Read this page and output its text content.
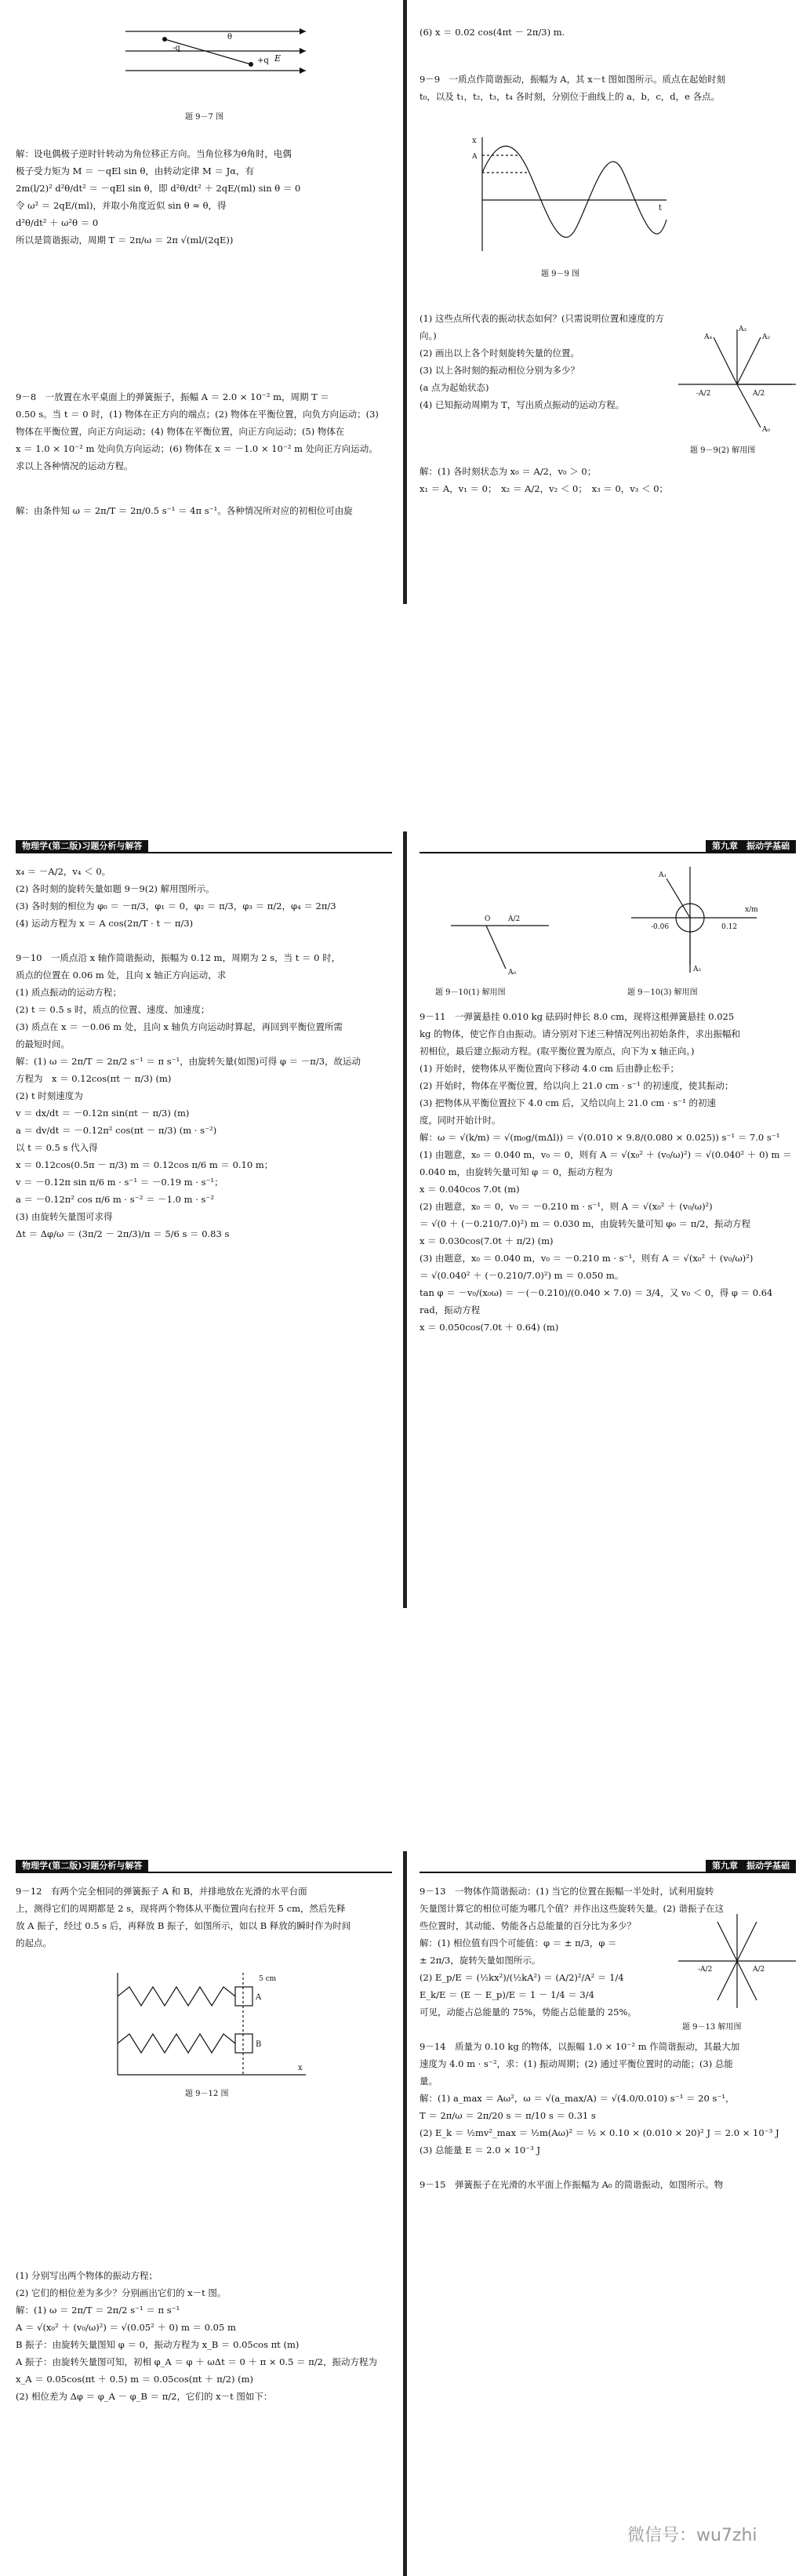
E
θ
-q
+q
题 9－7 图
解：设电偶极子逆时针转动为角位移正方向。当角位移为θ角时，电偶
极子受力矩为 M ＝ －qEl sin θ，由转动定律 M ＝ Jα，有
2m(l/2)² d²θ/dt² ＝ －qEl sin θ，即 d²θ/dt² ＋ 2qE/(ml) sin θ ＝ 0
令 ω² ＝ 2qE/(ml)，并取小角度近似 sin θ ≈ θ，得
d²θ/dt² ＋ ω²θ ＝ 0
所以是简谐振动，周期 T ＝ 2π/ω ＝ 2π √(ml/(2qE))
9－8　一放置在水平桌面上的弹簧振子，振幅 A ＝ 2.0 × 10⁻² m，周期 T ＝
0.50 s。当 t ＝ 0 时，(1) 物体在正方向的端点；(2) 物体在平衡位置，向负方向运动；(3)
物体在平衡位置，向正方向运动；(4) 物体在平衡位置，向正方向运动；(5) 物体在
x ＝ 1.0 × 10⁻² m 处向负方向运动；(6) 物体在 x ＝ －1.0 × 10⁻² m 处向正方向运动。
求以上各种情况的运动方程。
解：由条件知 ω ＝ 2π/T ＝ 2π/0.5 s⁻¹ ＝ 4π s⁻¹。各种情况所对应的初相位可由旋
(6) x ＝ 0.02 cos(4πt － 2π/3) m.
9－9　一质点作简谐振动，振幅为 A，其 x－t 图如图所示。质点在起始时刻
t₀，以及 t₁，t₂，t₃，t₄ 各时刻，分别位于曲线上的 a，b，c，d，e 各点。
x
t
A
题 9－9 图
(1) 这些点所代表的振动状态如何？(只需说明位置和速度的方向。)
(2) 画出以上各个时刻旋转矢量的位置。
(3) 以上各时刻的振动相位分别为多少？
(a 点为起始状态)
(4) 已知振动周期为 T，写出质点振动的运动方程。
A₃
A₂
A₄
A₀
-A/2	A/2
题 9－9(2) 解用图
解：(1) 各时刻状态为 x₀ ＝ A/2，v₀ ＞ 0；
x₁ ＝ A，v₁ ＝ 0；　x₂ ＝ A/2，v₂ ＜ 0；　x₃ ＝ 0，v₃ ＜ 0；
物理学(第二版)习题分析与解答	第九章　振动学基础
x₄ ＝ －A/2，v₄ ＜ 0。
(2) 各时刻的旋转矢量如题 9－9(2) 解用图所示。
(3) 各时刻的相位为 φ₀ ＝ －π/3，φ₁ ＝ 0，φ₂ ＝ π/3，φ₃ ＝ π/2，φ₄ ＝ 2π/3
(4) 运动方程为 x ＝ A cos(2π/T · t － π/3)

9－10　一质点沿 x 轴作简谐振动，振幅为 0.12 m，周期为 2 s，当 t ＝ 0 时，
质点的位置在 0.06 m 处，且向 x 轴正方向运动，求
(1) 质点振动的运动方程；
(2) t ＝ 0.5 s 时，质点的位置、速度、加速度；
(3) 质点在 x ＝ －0.06 m 处，且向 x 轴负方向运动时算起，再回到平衡位置所需
的最短时间。
解：(1) ω ＝ 2π/T ＝ 2π/2 s⁻¹ ＝ π s⁻¹，由旋转矢量(如图)可得 φ ＝ －π/3，故运动
方程为　x ＝ 0.12cos(πt － π/3) (m)
(2) t 时刻速度为
v ＝ dx/dt ＝ －0.12π sin(πt － π/3) (m)
a ＝ dv/dt ＝ －0.12π² cos(πt － π/3) (m · s⁻²)
以 t ＝ 0.5 s 代入得
x ＝ 0.12cos(0.5π － π/3) m ＝ 0.12cos π/6 m ＝ 0.10 m；
v ＝ －0.12π sin π/6 m · s⁻¹ ＝ －0.19 m · s⁻¹；
a ＝ －0.12π² cos π/6 m · s⁻² ＝ －1.0 m · s⁻²
(3) 由旋转矢量图可求得
Δt ＝ Δφ/ω ＝ (3π/2 － 2π/3)/π ＝ 5/6 s ＝ 0.83 s
O	A/2
A₀
题 9－10(1) 解用图
A₁
A₂
-0.06	0.12
x/m
题 9－10(3) 解用图
9－11　一弹簧悬挂 0.010 kg 砝码时伸长 8.0 cm，现将这根弹簧悬挂 0.025
kg 的物体，使它作自由振动。请分别对下述三种情况列出初始条件，求出振幅和
初相位，最后建立振动方程。(取平衡位置为原点，向下为 x 轴正向。)
(1) 开始时，使物体从平衡位置向下移动 4.0 cm 后由静止松手；
(2) 开始时，物体在平衡位置，给以向上 21.0 cm · s⁻¹ 的初速度，使其振动；
(3) 把物体从平衡位置拉下 4.0 cm 后，又给以向上 21.0 cm · s⁻¹ 的初速
度，同时开始计时。
解：ω ＝ √(k/m) ＝ √(m₀g/(mΔl)) ＝ √(0.010 × 9.8/(0.080 × 0.025)) s⁻¹ ＝ 7.0 s⁻¹
(1) 由题意，x₀ ＝ 0.040 m，v₀ ＝ 0，则有 A ＝ √(x₀² ＋ (v₀/ω)²) ＝ √(0.040² ＋ 0) m ＝
0.040 m，由旋转矢量可知 φ ＝ 0，振动方程为
x ＝ 0.040cos 7.0t (m)
(2) 由题意，x₀ ＝ 0，v₀ ＝ －0.210 m · s⁻¹，则 A ＝ √(x₀² ＋ (v₀/ω)²)
＝ √(0 ＋ (－0.210/7.0)²) m ＝ 0.030 m，由旋转矢量可知 φ₀ ＝ π/2，振动方程
x ＝ 0.030cos(7.0t ＋ π/2) (m)
(3) 由题意，x₀ ＝ 0.040 m，v₀ ＝ －0.210 m · s⁻¹，则有 A ＝ √(x₀² ＋ (v₀/ω)²)
＝ √(0.040² ＋ (－0.210/7.0)²) m ＝ 0.050 m。
tan φ ＝ －v₀/(x₀ω) ＝ －(－0.210)/(0.040 × 7.0) ＝ 3/4，又 v₀ ＜ 0，得 φ ＝ 0.64 rad，振动方程
x ＝ 0.050cos(7.0t ＋ 0.64) (m)
物理学(第二版)习题分析与解答	第九章　振动学基础
9－12　有两个完全相同的弹簧振子 A 和 B，并排地放在光滑的水平台面
上，测得它们的周期都是 2 s，现将两个物体从平衡位置向右拉开 5 cm，然后先释
放 A 振子，经过 0.5 s 后，再释放 B 振子，如图所示，如以 B 释放的瞬时作为时间
的起点。
A
B
5 cm
x
题 9－12 图
(1) 分别写出两个物体的振动方程；
(2) 它们的相位差为多少？分别画出它们的 x－t 图。
解：(1) ω ＝ 2π/T ＝ 2π/2 s⁻¹ ＝ π s⁻¹
A ＝ √(x₀² ＋ (v₀/ω)²) ＝ √(0.05² ＋ 0) m ＝ 0.05 m
B 振子：由旋转矢量图知 φ ＝ 0，振动方程为 x_B ＝ 0.05cos πt (m)
A 振子：由旋转矢量图可知，初相 φ_A ＝ φ ＋ ωΔt ＝ 0 ＋ π × 0.5 ＝ π/2，振动方程为
x_A ＝ 0.05cos(πt ＋ 0.5) m ＝ 0.05cos(πt ＋ π/2) (m)
(2) 相位差为 Δφ ＝ φ_A － φ_B ＝ π/2，它们的 x－t 图如下：
9－13　一物体作简谐振动：(1) 当它的位置在振幅一半处时，试利用旋转
矢量图计算它的相位可能为哪几个值？并作出这些旋转矢量。(2) 谐振子在这
些位置时，其动能、势能各占总能量的百分比为多少？
解：(1) 相位值有四个可能值：φ ＝ ± π/3，φ ＝
± 2π/3，旋转矢量如图所示。
(2) E_p/E ＝ (½kx²)/(½kA²) ＝ (A/2)²/A² ＝ 1/4
E_k/E ＝ (E － E_p)/E ＝ 1 － 1/4 ＝ 3/4
可见，动能占总能量的 75%，势能占总能量的 25%。

9－14　质量为 0.10 kg 的物体，以振幅 1.0 × 10⁻² m 作简谐振动，其最大加
速度为 4.0 m · s⁻²，求：(1) 振动周期；(2) 通过平衡位置时的动能；(3) 总能
量。
解：(1) a_max ＝ Aω²，ω ＝ √(a_max/A) ＝ √(4.0/0.010) s⁻¹ ＝ 20 s⁻¹，
T ＝ 2π/ω ＝ 2π/20 s ＝ π/10 s ＝ 0.31 s
(2) E_k ＝ ½mv²_max ＝ ½m(Aω)² ＝ ½ × 0.10 × (0.010 × 20)² J ＝ 2.0 × 10⁻³ J
(3) 总能量 E ＝ 2.0 × 10⁻³ J

9－15　弹簧振子在光滑的水平面上作振幅为 A₀ 的简谐振动，如图所示。物
-A/2	A/2
题 9－13 解用图
微信号：wu7zhi
